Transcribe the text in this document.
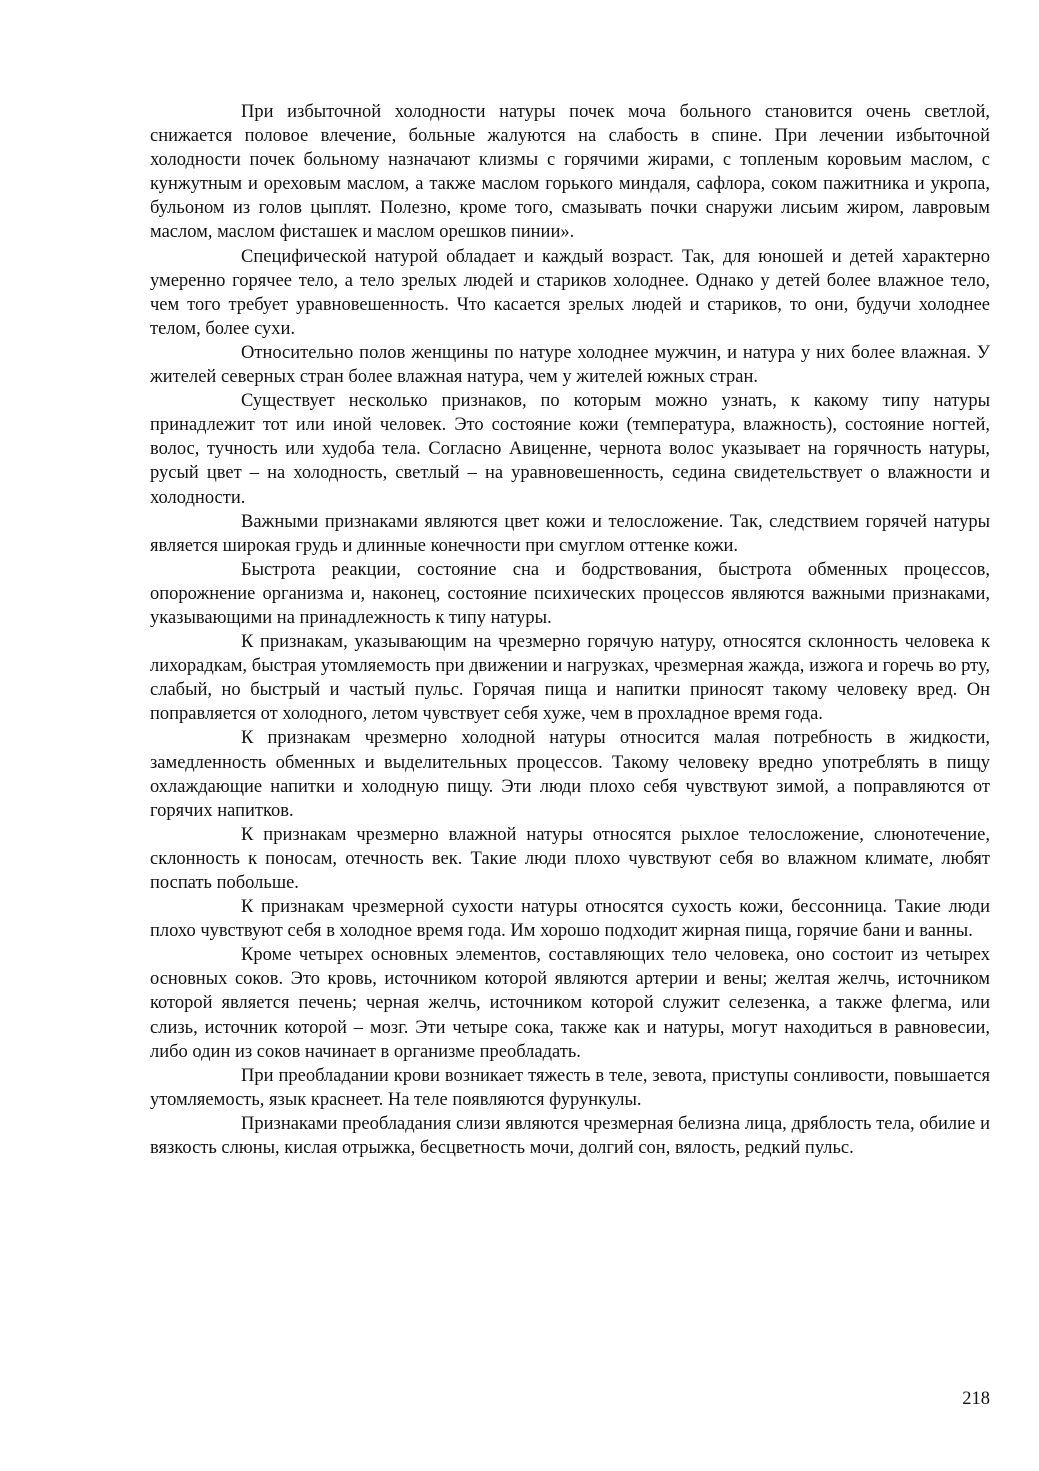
При избыточной холодности натуры почек моча больного становится очень светлой, снижается половое влечение, больные жалуются на слабость в спине. При лечении избыточной холодности почек больному назначают клизмы с горячими жирами, с топленым коровьим маслом, с кунжутным и ореховым маслом, а также маслом горького миндаля, сафлора, соком пажитника и укропа, бульоном из голов цыплят. Полезно, кроме того, смазывать почки снаружи лисьим жиром, лавровым маслом, маслом фисташек и маслом орешков пинии».

Специфической натурой обладает и каждый возраст. Так, для юношей и детей характерно умеренно горячее тело, а тело зрелых людей и стариков холоднее. Однако у детей более влажное тело, чем того требует уравновешенность. Что касается зрелых людей и стариков, то они, будучи холоднее телом, более сухи.

Относительно полов женщины по натуре холоднее мужчин, и натура у них более влажная. У жителей северных стран более влажная натура, чем у жителей южных стран.

Существует несколько признаков, по которым можно узнать, к какому типу натуры принадлежит тот или иной человек. Это состояние кожи (температура, влажность), состояние ногтей, волос, тучность или худоба тела. Согласно Авиценне, чернота волос указывает на горячность натуры, русый цвет – на холодность, светлый – на уравновешенность, седина свидетельствует о влажности и холодности.

Важными признаками являются цвет кожи и телосложение. Так, следствием горячей натуры является широкая грудь и длинные конечности при смуглом оттенке кожи.

Быстрота реакции, состояние сна и бодрствования, быстрота обменных процессов, опорожнение организма и, наконец, состояние психических процессов являются важными признаками, указывающими на принадлежность к типу натуры.

К признакам, указывающим на чрезмерно горячую натуру, относятся склонность человека к лихорадкам, быстрая утомляемость при движении и нагрузках, чрезмерная жажда, изжога и горечь во рту, слабый, но быстрый и частый пульс. Горячая пища и напитки приносят такому человеку вред. Он поправляется от холодного, летом чувствует себя хуже, чем в прохладное время года.

К признакам чрезмерно холодной натуры относится малая потребность в жидкости, замедленность обменных и выделительных процессов. Такому человеку вредно употреблять в пищу охлаждающие напитки и холодную пищу. Эти люди плохо себя чувствуют зимой, а поправляются от горячих напитков.

К признакам чрезмерно влажной натуры относятся рыхлое телосложение, слюнотечение, склонность к поносам, отечность век. Такие люди плохо чувствуют себя во влажном климате, любят поспать побольше.

К признакам чрезмерной сухости натуры относятся сухость кожи, бессонница. Такие люди плохо чувствуют себя в холодное время года. Им хорошо подходит жирная пища, горячие бани и ванны.

Кроме четырех основных элементов, составляющих тело человека, оно состоит из четырех основных соков. Это кровь, источником которой являются артерии и вены; желтая желчь, источником которой является печень; черная желчь, источником которой служит селезенка, а также флегма, или слизь, источник которой – мозг. Эти четыре сока, также как и натуры, могут находиться в равновесии, либо один из соков начинает в организме преобладать.

При преобладании крови возникает тяжесть в теле, зевота, приступы сонливости, повышается утомляемость, язык краснеет. На теле появляются фурункулы.

Признаками преобладания слизи являются чрезмерная белизна лица, дряблость тела, обилие и вязкость слюны, кислая отрыжка, бесцветность мочи, долгий сон, вялость, редкий пульс.

218
